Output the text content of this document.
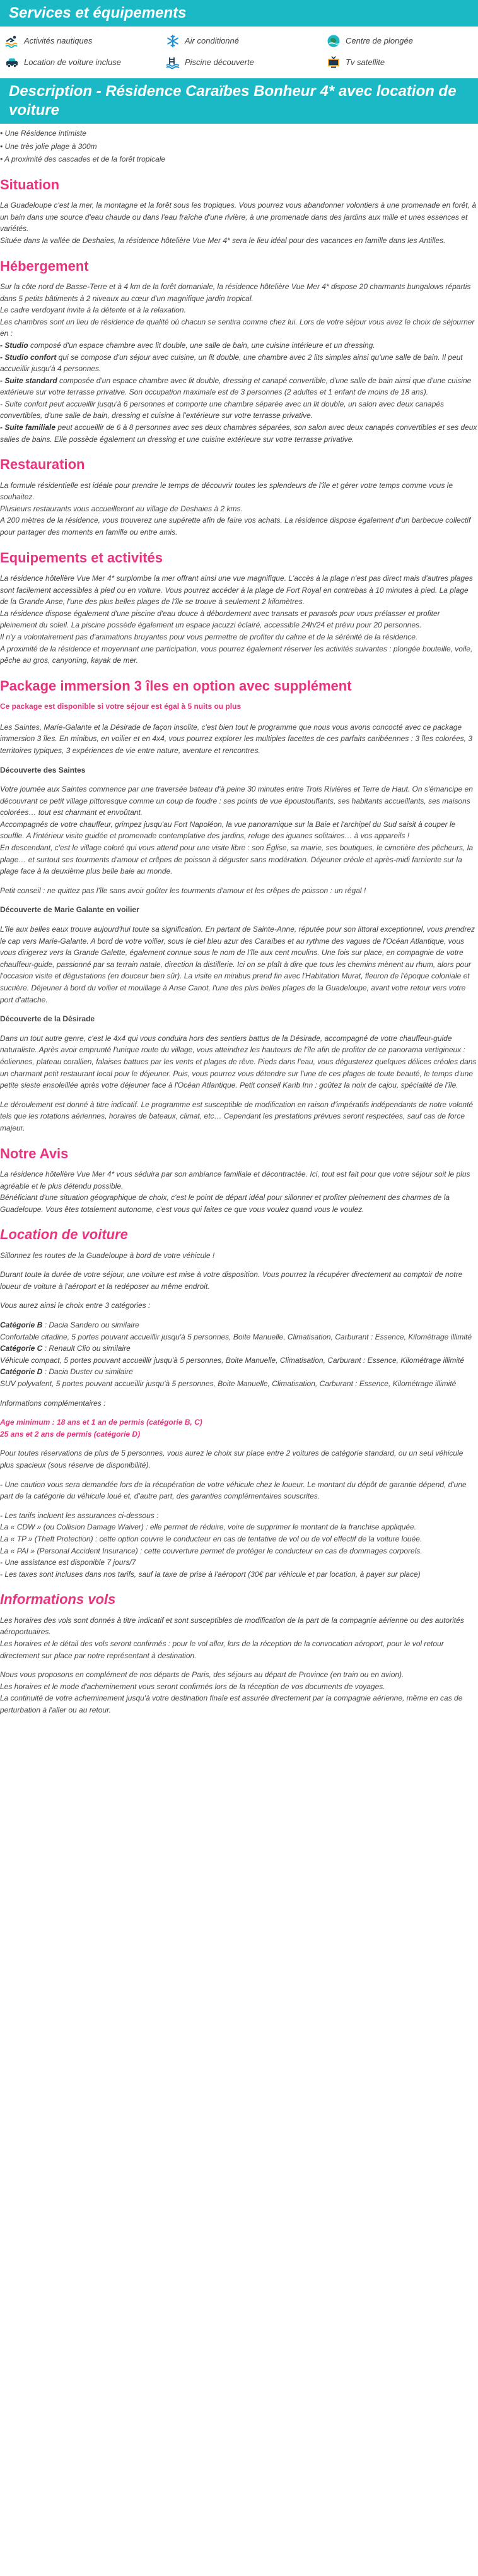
Services et équipements
Activités nautiques	Air conditionné	Centre de plongée
Location de voiture incluse	Piscine découverte	Tv satellite
Description - Résidence Caraïbes Bonheur 4* avec location de voiture
• Une Résidence intimiste
• Une très jolie plage à 300m
• A proximité des cascades et de la forêt tropicale
Situation

La Guadeloupe c'est la mer, la montagne et la forêt sous les tropiques. Vous pourrez vous abandonner volontiers à une promenade en forêt, à un bain dans une source d'eau chaude ou dans l'eau fraîche d'une rivière, à une promenade dans des jardins aux mille et unes essences et variétés.
Située dans la vallée de Deshaies, la résidence hôtelière Vue Mer 4* sera le lieu idéal pour des vacances en famille dans les Antilles.

Hébergement

Sur la côte nord de Basse-Terre et à 4 km de la forêt domaniale, la résidence hôtelière Vue Mer 4* dispose 20 charmants bungalows répartis dans 5 petits bâtiments à 2 niveaux au cœur d'un magnifique jardin tropical.
Le cadre verdoyant invite à la détente et à la relaxation.
Les chambres sont un lieu de résidence de qualité où chacun se sentira comme chez lui. Lors de votre séjour vous avez le choix de séjourner en :
- Studio composé d'un espace chambre avec lit double, une salle de bain, une cuisine intérieure et un dressing.
- Studio confort qui se compose d'un séjour avec cuisine, un lit double, une chambre avec 2 lits simples ainsi qu'une salle de bain. Il peut accueillir jusqu'à 4 personnes.
- Suite standard composée d'un espace chambre avec lit double, dressing et canapé convertible, d'une salle de bain ainsi que d'une cuisine extérieure sur votre terrasse privative. Son occupation maximale est de 3 personnes (2 adultes et 1 enfant de moins de 18 ans).
- Suite confort peut accueillir jusqu'à 6 personnes et comporte une chambre séparée avec un lit double, un salon avec deux canapés convertibles, d'une salle de bain, dressing et cuisine à l'extérieure sur votre terrasse privative.
- Suite familiale peut accueillir de 6 à 8 personnes avec ses deux chambres séparées, son salon avec deux canapés convertibles et ses deux salles de bains. Elle possède également un dressing et une cuisine extérieure sur votre terrasse privative.

Restauration

La formule résidentielle est idéale pour prendre le temps de découvrir toutes les splendeurs de l'île et gérer votre temps comme vous le souhaitez.
Plusieurs restaurants vous accueilleront au village de Deshaies à 2 kms.
A 200 mètres de la résidence, vous trouverez une supérette afin de faire vos achats. La résidence dispose également d'un barbecue collectif pour partager des moments en famille ou entre amis.

Equipements et activités

La résidence hôtelière Vue Mer 4* surplombe la mer offrant ainsi une vue magnifique. L'accès à la plage n'est pas direct mais d'autres plages sont facilement accessibles à pied ou en voiture. Vous pourrez accéder à la plage de Fort Royal en contrebas à 10 minutes à pied. La plage de la Grande Anse, l'une des plus belles plages de l'île se trouve à seulement 2 kilomètres.
La résidence dispose également d'une piscine d'eau douce à débordement avec transats et parasols pour vous prélasser et profiter pleinement du soleil. La piscine possède également un espace jacuzzi éclairé, accessible 24h/24 et prévu pour 20 personnes.
Il n'y a volontairement pas d'animations bruyantes pour vous permettre de profiter du calme et de la sérénité de la résidence.
A proximité de la résidence et moyennant une participation, vous pourrez également réserver les activités suivantes : plongée bouteille, voile, pêche au gros, canyoning, kayak de mer.

Package immersion 3 îles en option avec supplément
Ce package est disponible si votre séjour est égal à 5 nuits ou plus

Les Saintes, Marie-Galante et la Désirade de façon insolite, c'est bien tout le programme que nous vous avons concocté avec ce package immersion 3 îles. En minibus, en voilier et en 4x4, vous pourrez explorer les multiples facettes de ces parfaits caribéennes : 3 îles colorées, 3 territoires typiques, 3 expériences de vie entre nature, aventure et rencontres.

Découverte des Saintes

Votre journée aux Saintes commence par une traversée bateau d'à peine 30 minutes entre Trois Rivières et Terre de Haut. On s'émancipe en découvrant ce petit village pittoresque comme un coup de foudre : ses points de vue époustouflants, ses habitants accueillants, ses maisons colorées… tout est charmant et envoûtant.
Accompagnés de votre chauffeur, grimpez jusqu'au Fort Napoléon, la vue panoramique sur la Baie et l'archipel du Sud saisit à couper le souffle. A l'intérieur visite guidée et promenade contemplative des jardins, refuge des iguanes solitaires… à vos appareils !
En descendant, c'est le village coloré qui vous attend pour une visite libre : son Église, sa mairie, ses boutiques, le cimetière des pêcheurs, la plage… et surtout ses tourments d'amour et crêpes de poisson à déguster sans modération. Déjeuner créole et après-midi farniente sur la plage face à la deuxième plus belle baie au monde.

Petit conseil : ne quittez pas l'île sans avoir goûter les tourments d'amour et les crêpes de poisson : un régal !

Découverte de Marie Galante en voilier

L'île aux belles eaux trouve aujourd'hui toute sa signification. En partant de Sainte-Anne, réputée pour son littoral exceptionnel, vous prendrez le cap vers Marie-Galante. A bord de votre voilier, sous le ciel bleu azur des Caraïbes et au rythme des vagues de l'Océan Atlantique, vous vous dirigerez vers la Grande Galette, également connue sous le nom de l'île aux cent moulins. Une fois sur place, en compagnie de votre chauffeur-guide, passionné par sa terrain natale, direction la distillerie. Ici on se plaît à dire que tous les chemins mènent au rhum, alors pour l'occasion visite et dégustations (en douceur bien sûr). La visite en minibus prend fin avec l'Habitation Murat, fleuron de l'époque coloniale et sucrière. Déjeuner à bord du voilier et mouillage à Anse Canot, l'une des plus belles plages de la Guadeloupe, avant votre retour vers votre port d'attache.

Découverte de la Désirade

Dans un tout autre genre, c'est le 4x4 qui vous conduira hors des sentiers battus de la Désirade, accompagné de votre chauffeur-guide naturaliste. Après avoir emprunté l'unique route du village, vous atteindrez les hauteurs de l'île afin de profiter de ce panorama vertigineux : éoliennes, plateau corallien, falaises battues par les vents et plages de rêve. Pieds dans l'eau, vous dégusterez quelques délices créoles dans un charmant petit restaurant local pour le déjeuner. Puis, vous pourrez vous détendre sur l'une de ces plages de toute beauté, le temps d'une petite sieste ensoleillée après votre déjeuner face à l'Océan Atlantique. Petit conseil Karib Inn : goûtez la noix de cajou, spécialité de l'île.

Le déroulement est donné à titre indicatif. Le programme est susceptible de modification en raison d'impératifs indépendants de notre volonté tels que les rotations aériennes, horaires de bateaux, climat, etc… Cependant les prestations prévues seront respectées, sauf cas de force majeur.

Notre Avis

La résidence hôtelière Vue Mer 4* vous séduira par son ambiance familiale et décontractée. Ici, tout est fait pour que votre séjour soit le plus agréable et le plus détendu possible.
Bénéficiant d'une situation géographique de choix, c'est le point de départ idéal pour sillonner et profiter pleinement des charmes de la Guadeloupe. Vous êtes totalement autonome, c'est vous qui faites ce que vous voulez quand vous le voulez.

Location de voiture

Sillonnez les routes de la Guadeloupe à bord de votre véhicule !

Durant toute la durée de votre séjour, une voiture est mise à votre disposition. Vous pourrez la récupérer directement au comptoir de notre loueur de voiture à l'aéroport et la redéposer au même endroit.

Vous aurez ainsi le choix entre 3 catégories :

Catégorie B : Dacia Sandero ou similaire
Confortable citadine, 5 portes pouvant accueillir jusqu'à 5 personnes, Boite Manuelle, Climatisation, Carburant : Essence, Kilométrage illimité
Catégorie C : Renault Clio ou similaire
Véhicule compact, 5 portes pouvant accueillir jusqu'à 5 personnes, Boite Manuelle, Climatisation, Carburant : Essence, Kilométrage illimité
Catégorie D : Dacia Duster ou similaire
SUV polyvalent, 5 portes pouvant accueillir jusqu'à 5 personnes, Boite Manuelle, Climatisation, Carburant : Essence, Kilométrage illimité

Informations complémentaires :

Age minimum : 18 ans et 1 an de permis (catégorie B, C)
25 ans et 2 ans de permis (catégorie D)

Pour toutes réservations de plus de 5 personnes, vous aurez le choix sur place entre 2 voitures de catégorie standard, ou un seul véhicule plus spacieux (sous réserve de disponibilité).

- Une caution vous sera demandée lors de la récupération de votre véhicule chez le loueur. Le montant du dépôt de garantie dépend, d'une part de la catégorie du véhicule loué et, d'autre part, des garanties complémentaires souscrites.

- Les tarifs incluent les assurances ci-dessous :
La « CDW » (ou Collision Damage Waiver) : elle permet de réduire, voire de supprimer le montant de la franchise appliquée.
La « TP » (Theft Protection) : cette option couvre le conducteur en cas de tentative de vol ou de vol effectif de la voiture louée.
La « PAI » (Personal Accident Insurance) : cette couverture permet de protéger le conducteur en cas de dommages corporels.
- Une assistance est disponible 7 jours/7
- Les taxes sont incluses dans nos tarifs, sauf la taxe de prise à l'aéroport (30€ par véhicule et par location, à payer sur place)

Informations vols

Les horaires des vols sont donnés à titre indicatif et sont susceptibles de modification de la part de la compagnie aérienne ou des autorités aéroportuaires.
Les horaires et le détail des vols seront confirmés : pour le vol aller, lors de la réception de la convocation aéroport, pour le vol retour directement sur place par notre représentant à destination.

Nous vous proposons en complément de nos départs de Paris, des séjours au départ de Province (en train ou en avion).
Les horaires et le mode d'acheminement vous seront confirmés lors de la réception de vos documents de voyages.
La continuité de votre acheminement jusqu'à votre destination finale est assurée directement par la compagnie aérienne, même en cas de perturbation à l'aller ou au retour.
